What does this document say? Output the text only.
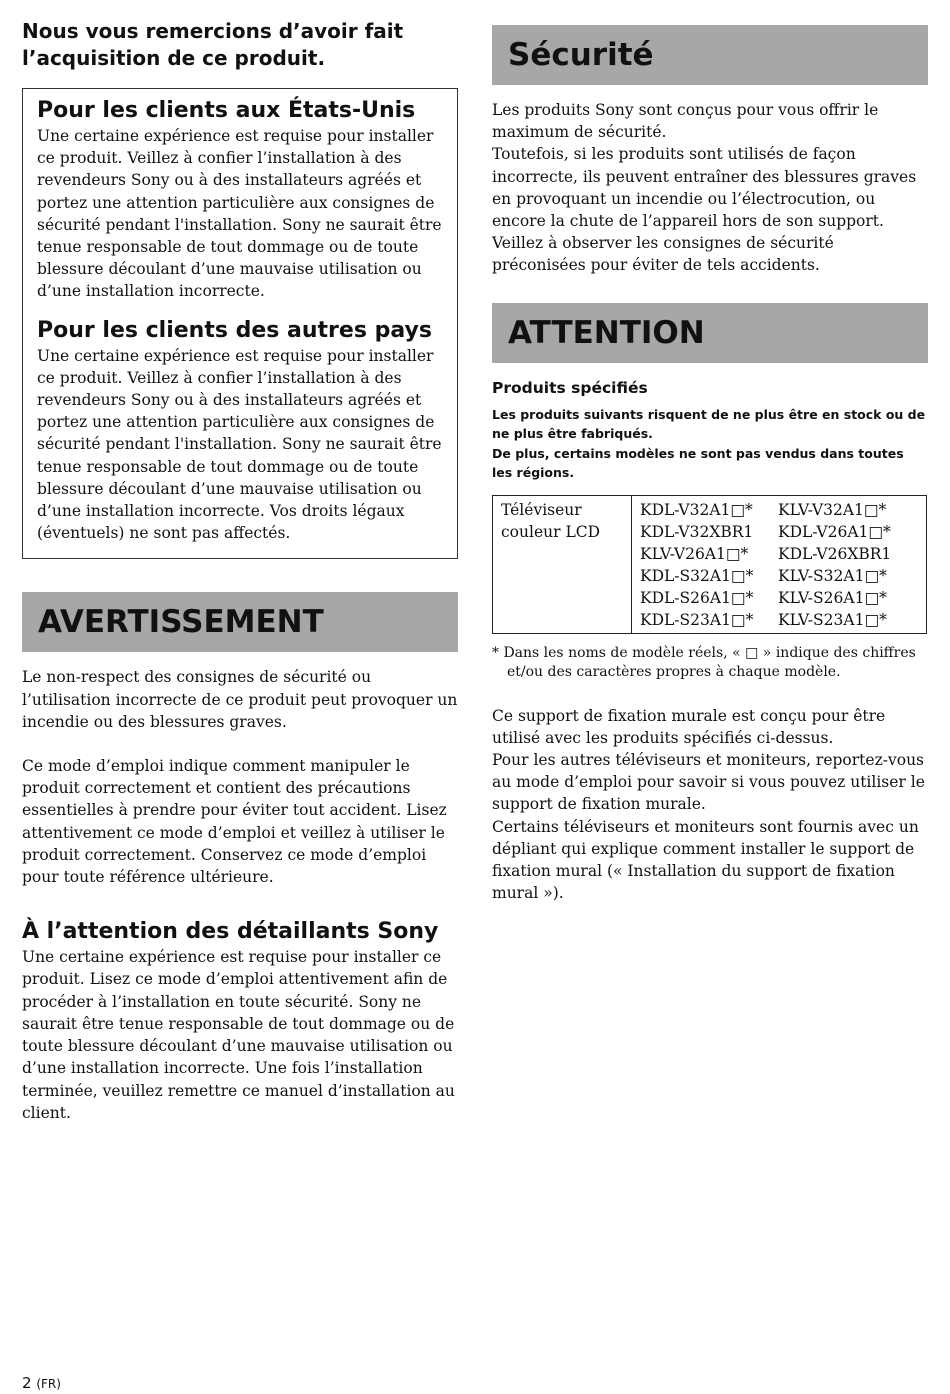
Nous vous remercions d’avoir fait l’acquisition de ce produit.

Pour les clients aux États-Unis

Une certaine expérience est requise pour installer ce produit. Veillez à confier l’installation à des revendeurs Sony ou à des installateurs agréés et portez une attention particulière aux consignes de sécurité pendant l'installation. Sony ne saurait être tenue responsable de tout dommage ou de toute blessure découlant d’une mauvaise utilisation ou d’une installation incorrecte.

Pour les clients des autres pays

Une certaine expérience est requise pour installer ce produit. Veillez à confier l’installation à des revendeurs Sony ou à des installateurs agréés et portez une attention particulière aux consignes de sécurité pendant l'installation. Sony ne saurait être tenue responsable de tout dommage ou de toute blessure découlant d’une mauvaise utilisation ou d’une installation incorrecte. Vos droits légaux (éventuels) ne sont pas affectés.

AVERTISSEMENT

Le non-respect des consignes de sécurité ou l’utilisation incorrecte de ce produit peut provoquer un incendie ou des blessures graves.

Ce mode d’emploi indique comment manipuler le produit correctement et contient des précautions essentielles à prendre pour éviter tout accident. Lisez attentivement ce mode d’emploi et veillez à utiliser le produit correctement. Conservez ce mode d’emploi pour toute référence ultérieure.

À l’attention des détaillants Sony

Une certaine expérience est requise pour installer ce produit. Lisez ce mode d’emploi attentivement afin de procéder à l’installation en toute sécurité. Sony ne saurait être tenue responsable de tout dommage ou de toute blessure découlant d’une mauvaise utilisation ou d’une installation incorrecte. Une fois l’installation terminée, veuillez remettre ce manuel d’installation au client.

Sécurité

Les produits Sony sont conçus pour vous offrir le maximum de sécurité.

Toutefois, si les produits sont utilisés de façon incorrecte, ils peuvent entraîner des blessures graves en provoquant un incendie ou l’électrocution, ou encore la chute de l’appareil hors de son support.

Veillez à observer les consignes de sécurité préconisées pour éviter de tels accidents.

ATTENTION

Produits spécifiés

Les produits suivants risquent de ne plus être en stock ou de ne plus être fabriqués.

De plus, certains modèles ne sont pas vendus dans toutes les régions.

Téléviseur couleur LCD	
KDL-V32A1□*	KLV-V32A1□*
KDL-V32XBR1	KDL-V26A1□*
KLV-V26A1□*	KDL-V26XBR1
KDL-S32A1□*	KLV-S32A1□*
KDL-S26A1□*	KLV-S26A1□*
KDL-S23A1□*	KLV-S23A1□*

* Dans les noms de modèle réels, « □ » indique des chiffres et/ou des caractères propres à chaque modèle.

Ce support de fixation murale est conçu pour être utilisé avec les produits spécifiés ci-dessus.

Pour les autres téléviseurs et moniteurs, reportez-vous au mode d’emploi pour savoir si vous pouvez utiliser le support de fixation murale.

Certains téléviseurs et moniteurs sont fournis avec un dépliant qui explique comment installer le support de fixation mural (« Installation du support de fixation mural »).

2 (FR)
